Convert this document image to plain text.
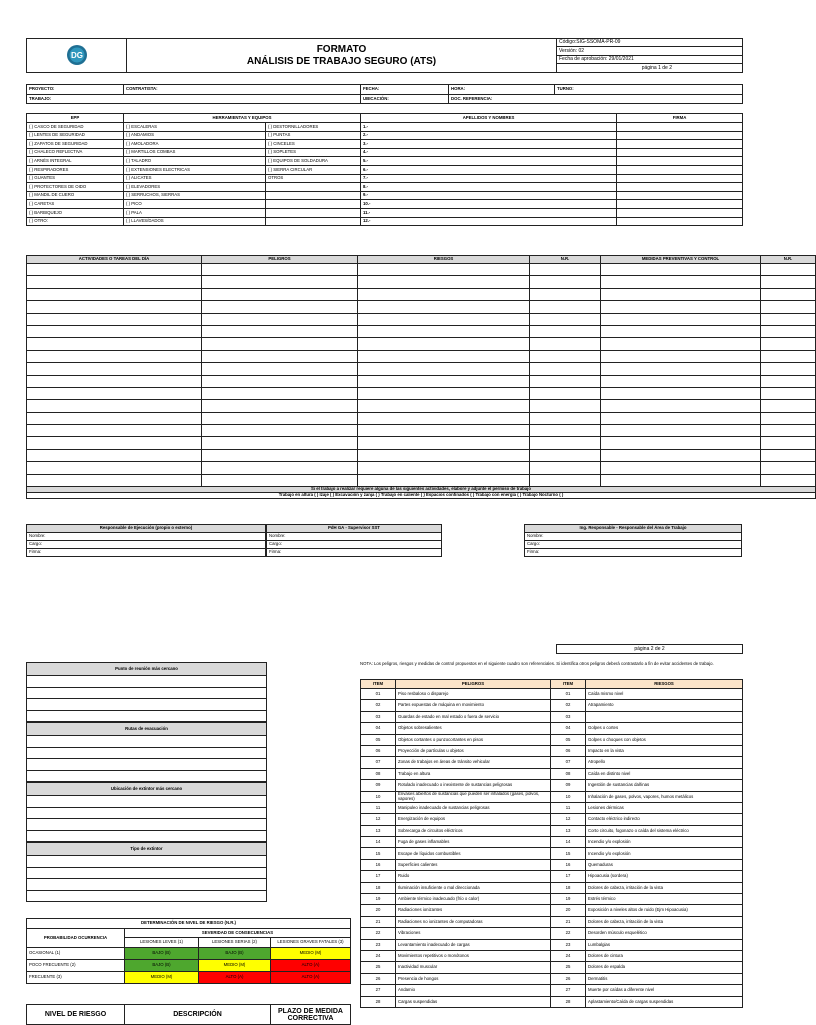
DG

FORMATO
ANÁLISIS DE TRABAJO SEGURO (ATS)
	Código:SIG-SSOMA-PR-09
Versión: 02
Fecha de aprobación: 29/01/2021
página 1 de 2
PROYECTO:	CONTRATISTA:	FECHA:	HORA:	TURNO:
TRABAJO:		UBICACIÓN:	DOC. REFERENCIA:	
EPP	HERRAMIENTAS Y EQUIPOS		APELLIDOS Y NOMBRES	FIRMA
( ) CASCO DE SEGURIDAD	( ) ESCALERAS	( ) DESTORNILLADORES	1.-	
( ) LENTES DE SEGURIDAD	( ) ANDAMIOS	( ) PUNTAS	2.-	
( ) ZAPATOS DE SEGURIDAD	( ) AMOLADORA	( ) CINCELES	3.-	
( ) CHALECO REFLECTIVA	( ) MARTILLOS COMBAS	( ) SOPLETES	4.-	
( ) ARNÉS INTEGRAL	( ) TALADRO	( ) EQUIPOS DE SOLDADURA	5.-	
( ) RESPIRADORES	( ) EXTENSIONES ELECTRICAS	( ) SIERRA CIRCULAR	6.-	
( ) GUANTES	( ) ALICATES	OTROS	7.-	
( ) PROTECTORES DE OIDO	( ) ELEVADORES		8.-	
( ) MANDIL DE CUERO	( ) SERRUCHOS, SIERRAS		9.-	
( ) CARETAS	( ) PICO		10.-	
( ) BARBIQUEJO	( ) PALA		11.-	
( ) OTRO:	( ) LLAVES/DADOS		12.-	
ACTIVIDADES O TAREAS DEL DÍA	PELIGROS	RIESGOS	N.R.	MEDIDAS PREVENTIVAS Y CONTROL	N.R.

Si el trabajo a realizar requiere alguna de las siguientes actividades, elabore y adjunte el permiso de trabajo					
Trabajo en altura ( ) Izaje ( ) Excavación y zanja ( ) Trabajo en caliente ( ) Espacios confinados ( ) Trabajo con energía ( ) Trabajo Nocturno ( )					
Responsable de Ejecución (propio o externo)
Nombre:
Cargo:
Firma:
PdH GA - Supervisor SST
Nombre:
Cargo:
Firma:
Ing. Responsable - Responsable del Área de Trabajo
Nombre:
Cargo:
Firma:
página 2 de 2
Punto de reunión más cercano

Rutas de evacuación

Ubicación de extintor más cercano

Tipo de extintor

NOTA: Los peligros, riesgos y medidas de control propuestos en el siguiente cuadro son referenciales. Si identifica otros peligros deberá contrastarlo a fin de evitar accidentes de trabajo.
ITEM	PELIGROS	ITEM	RIESGOS
01	Piso resbaloso o disparejo	01	Caída mismo nivel
02	Partes expuestas de máquina en movimiento	02	Atrapamiento
03	Guardas de estado en mal estado o fuera de servicio	03	
04	Objetos sobresalientes	04	Golpes o cortes
05	Objetos cortantes o punzocortantes en pisos	05	Golpes o choques con objetos
06	Proyección de partículas u objetos	06	Impacto en la vista
07	Zonas de trabajos en áreas de tránsito vehicular	07	Atropello
08	Trabajo en altura	08	Caída en distinto nivel
09	Rotulado inadecuado o inexistente de sustancias peligrosas	09	Ingestión de sustancias dañinas
10	Envases abiertos de sustancias que pueden ser inhalados (gases, polvos, vapores)	10	Inhalación de gases, polvos, vapores, humos metálicos
11	Manipuleo inadecuado de sustancias peligrosas	11	Lesiones dérmicas
12	Energización de equipos	12	Contacto eléctrico indirecto
13	Sobrecarga de circuitos eléctricos	13	Corto circuito, fogonazo o caída del sistema eléctrico
14	Fuga de gases inflamables	14	Incendio y/o explosión
15	Escape de líquidos combustibles	15	Incendio y/o explosión
16	Superficies calientes	16	Quemaduras
17	Ruido	17	Hipoacusia (sordera)
18	Iluminación insuficiente o mal direccionada	18	Dolores de cabeza, irritación de la vista
19	Ambiente térmico inadecuado (frío o calor)	19	Estrés térmico
20	Radiaciones ionizantes	20	Exposición a niveles altos de ruido (Ejm Hipoacusia)
21	Radiaciones no ionizantes de computadoras	21	Dolores de cabeza, irritación de la vista
22	Vibraciones	22	Desorden músculo esquelético
23	Levantamiento inadecuado de cargas	23	Lumbalgias
24	Movimientos repetitivos o monótonos	24	Dolores de cintura
25	Inactividad muscular	25	Dolores de espalda
26	Presencia de hongos	26	Dermatitis
27	Andamio	27	Muerte por caídas a diferente nivel
28	Cargas suspendidas	28	Aplastamiento/Caída de cargas suspendidas
DETERMINACIÓN DE NIVEL DE RIESGO (N.R.)			
PROBABILIDAD OCURRENCIA	SEVERIDAD DE CONSECUENCIAS		
	LESIONES LEVES (1)	LESIONES SERIAS (2)	LESIONES GRAVES FATALES (3)
OCASIONAL (1)	BAJO (B)	BAJO (B)	MEDIO (M)
POCO FRECUENTE (2)	BAJO (B)	MEDIO (M)	ALTO (A)
FRECUENTE (3)	MEDIO (M)	ALTO (A)	ALTO (A)
NIVEL DE RIESGO	DESCRIPCIÓN	PLAZO DE MEDIDA CORRECTIVA
